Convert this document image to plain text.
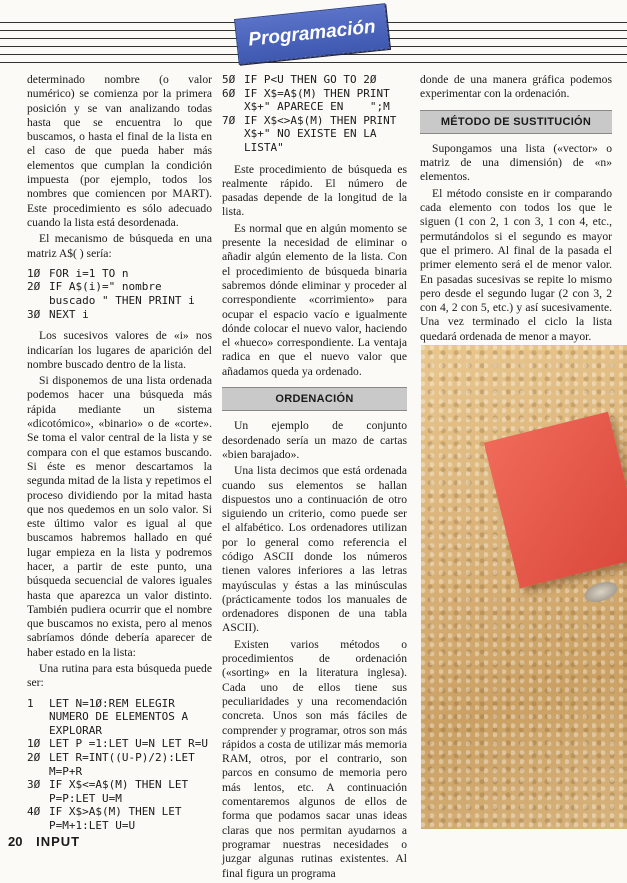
Programación

determinado nombre (o valor numérico) se comienza por la primera posición y se van analizando todas hasta que se encuentra lo que buscamos, o hasta el final de la lista en el caso de que pueda haber más elementos que cumplan la condición impuesta (por ejemplo, todos los nombres que comiencen por MART). Este procedimiento es sólo adecuado cuando la lista está desordenada.

El mecanismo de búsqueda en una matriz A$( ) sería:

1Ø FOR i=1 TO n
2Ø IF A$(i)=" nombre buscado " THEN PRINT i
3Ø NEXT i

Los sucesivos valores de «i» nos indicarían los lugares de aparición del nombre buscado dentro de la lista.

Si disponemos de una lista ordenada podemos hacer una búsqueda más rápida mediante un sistema «dicotómico», «binario» o de «corte». Se toma el valor central de la lista y se compara con el que estamos buscando. Si éste es menor descartamos la segunda mitad de la lista y repetimos el proceso dividiendo por la mitad hasta que nos quedemos en un solo valor. Si este último valor es igual al que buscamos habremos hallado en qué lugar empieza en la lista y podremos hacer, a partir de este punto, una búsqueda secuencial de valores iguales hasta que aparezca un valor distinto. También pudiera ocurrir que el nombre que buscamos no exista, pero al menos sabríamos dónde debería aparecer de haber estado en la lista:

Una rutina para esta búsqueda puede ser:

1	LET N=1Ø:REM ELEGIR NUMERO DE ELEMENTOS A EXPLORAR
1Ø LET P =1:LET U=N LET R=U
2Ø LET R=INT((U-P)/2):LET M=P+R
3Ø IF X$<=A$(M) THEN LET P=P:LET U=M
4Ø IF X$>A$(M) THEN LET P=M+1:LET U=U
5Ø IF P<U THEN GO TO 2Ø
6Ø IF X$=A$(M) THEN PRINT X$+" APARECE EN    ";M
7Ø IF X$<>A$(M) THEN PRINT X$+" NO EXISTE EN LA LISTA"

Este procedimiento de búsqueda es realmente rápido. El número de pasadas depende de la longitud de la lista.

Es normal que en algún momento se presente la necesidad de eliminar o añadir algún elemento de la lista. Con el procedimiento de búsqueda binaria sabremos dónde eliminar y proceder al correspondiente «corrimiento» para ocupar el espacio vacío e igualmente dónde colocar el nuevo valor, haciendo el «hueco» correspondiente. La ventaja radica en que el nuevo valor que añadamos queda ya ordenado.

ORDENACIÓN

Un ejemplo de conjunto desordenado sería un mazo de cartas «bien barajado».

Una lista decimos que está ordenada cuando sus elementos se hallan dispuestos uno a continuación de otro siguiendo un criterio, como puede ser el alfabético. Los ordenadores utilizan por lo general como referencia el código ASCII donde los números tienen valores inferiores a las letras mayúsculas y éstas a las minúsculas (prácticamente todos los manuales de ordenadores disponen de una tabla ASCII).

Existen varios métodos o procedimientos de ordenación («sorting» en la literatura inglesa). Cada uno de ellos tiene sus peculiaridades y una recomendación concreta. Unos son más fáciles de comprender y programar, otros son más rápidos a costa de utilizar más memoria RAM, otros, por el contrario, son parcos en consumo de memoria pero más lentos, etc. A continuación comentaremos algunos de ellos de forma que podamos sacar unas ideas claras que nos permitan ayudarnos a programar nuestras necesidades o juzgar algunas rutinas existentes. Al final figura un programa

donde de una manera gráfica podemos experimentar con la ordenación.

MÉTODO DE SUSTITUCIÓN

Supongamos una lista («vector» o matriz de una dimensión) de «n» elementos.

El método consiste en ir comparando cada elemento con todos los que le siguen (1 con 2, 1 con 3, 1 con 4, etc., permutándolos si el segundo es mayor que el primero. Al final de la pasada el primer elemento será el de menor valor. En pasadas sucesivas se repite lo mismo pero desde el segundo lugar (2 con 3, 2 con 4, 2 con 5, etc.) y así sucesivamente. Una vez terminado el ciclo la lista quedará ordenada de menor a mayor.

20 INPUT
